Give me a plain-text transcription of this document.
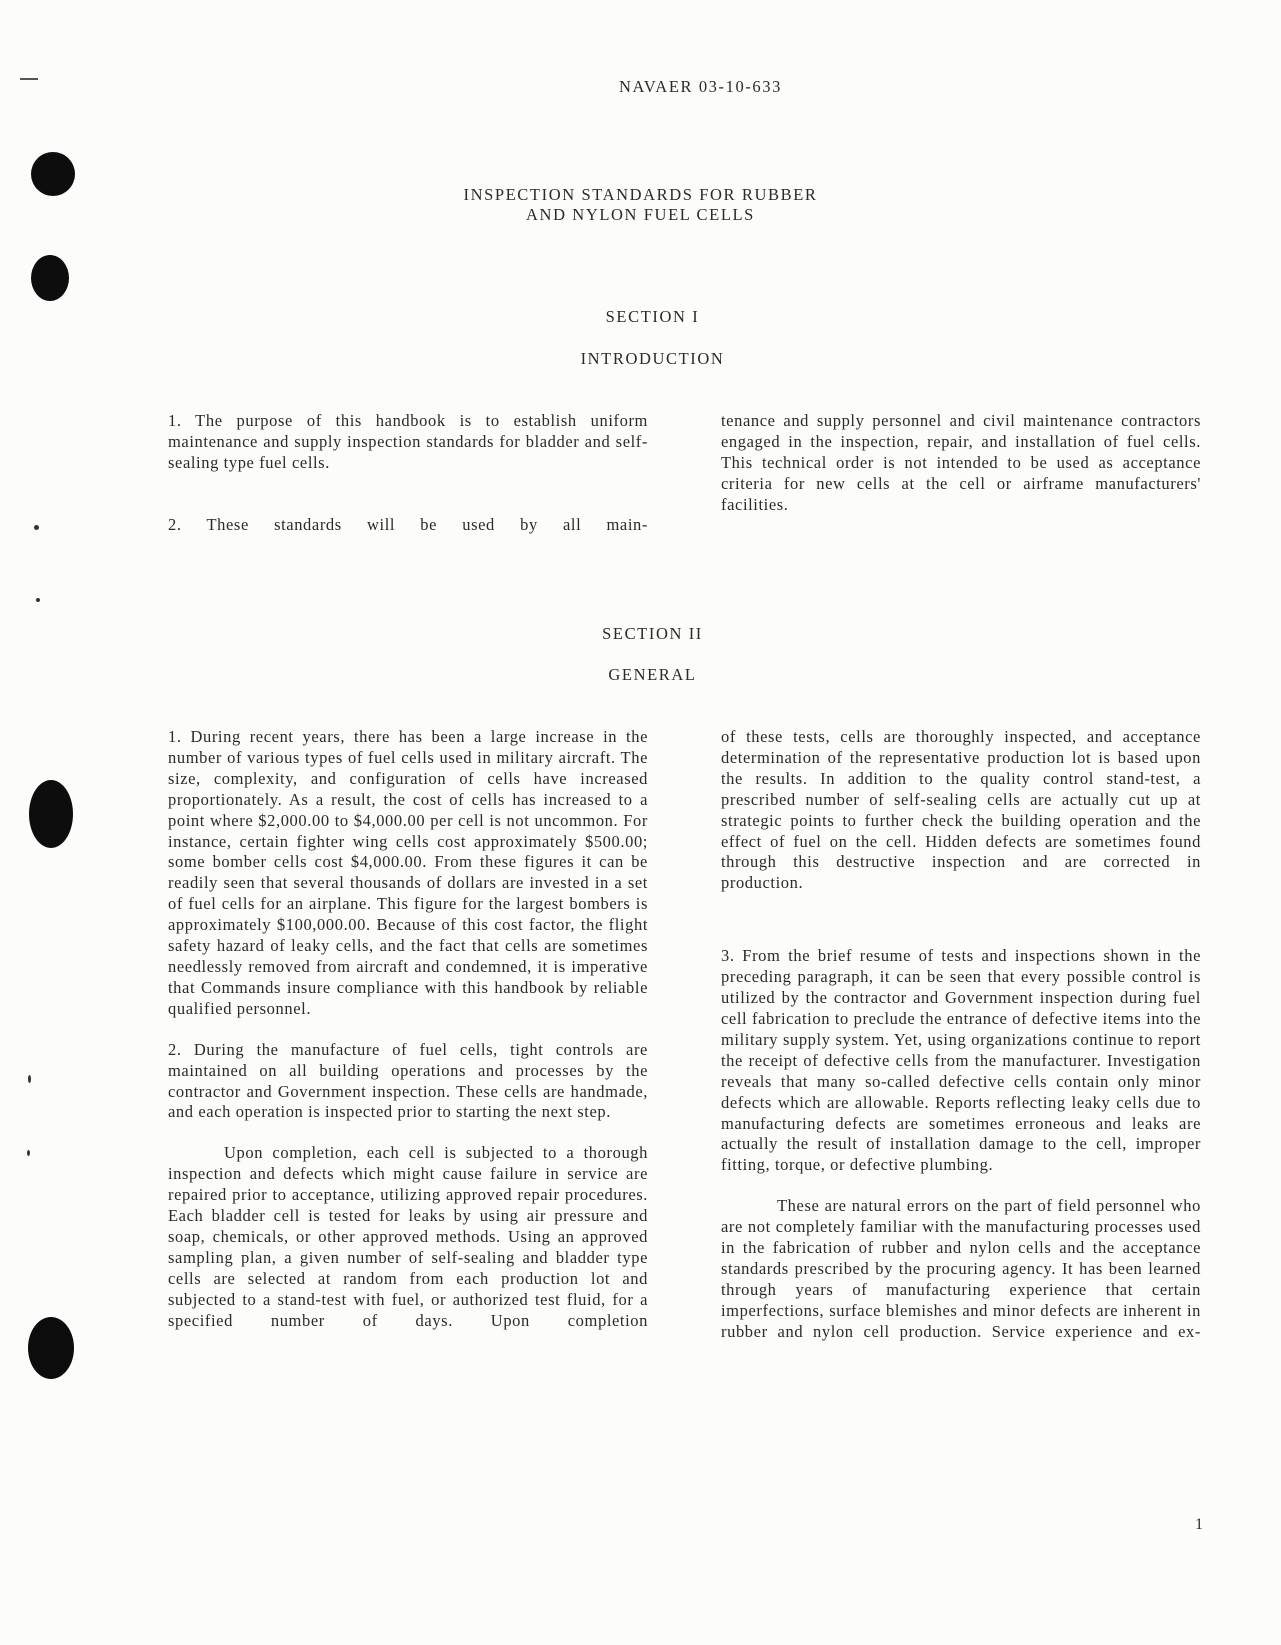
NAVAER 03-10-633
INSPECTION STANDARDS FOR RUBBER
AND NYLON FUEL CELLS
SECTION I
INTRODUCTION

1. The purpose of this handbook is to establish uniform maintenance and supply inspection standards for bladder and self-sealing type fuel cells.

2. These standards will be used by all main-

tenance and supply personnel and civil maintenance contractors engaged in the inspection, repair, and installation of fuel cells. This technical order is not intended to be used as acceptance criteria for new cells at the cell or airframe manufacturers' facilities.

SECTION II
GENERAL

1. During recent years, there has been a large increase in the number of various types of fuel cells used in military aircraft. The size, complexity, and configuration of cells have increased proportionately. As a result, the cost of cells has increased to a point where $2,000.00 to $4,000.00 per cell is not uncommon. For instance, certain fighter wing cells cost approximately $500.00; some bomber cells cost $4,000.00. From these figures it can be readily seen that several thousands of dollars are invested in a set of fuel cells for an airplane. This figure for the largest bombers is approximately $100,000.00. Because of this cost factor, the flight safety hazard of leaky cells, and the fact that cells are sometimes needlessly removed from aircraft and condemned, it is imperative that Commands insure compliance with this handbook by reliable qualified personnel.

2. During the manufacture of fuel cells, tight controls are maintained on all building operations and processes by the contractor and Government inspection. These cells are handmade, and each operation is inspected prior to starting the next step.

Upon completion, each cell is subjected to a thorough inspection and defects which might cause failure in service are repaired prior to acceptance, utilizing approved repair procedures. Each bladder cell is tested for leaks by using air pressure and soap, chemicals, or other approved methods. Using an approved sampling plan, a given number of self-sealing and bladder type cells are selected at random from each production lot and subjected to a stand-test with fuel, or authorized test fluid, for a specified number of days. Upon completion

of these tests, cells are thoroughly inspected, and acceptance determination of the representative production lot is based upon the results. In addition to the quality control stand-test, a prescribed number of self-sealing cells are actually cut up at strategic points to further check the building operation and the effect of fuel on the cell. Hidden defects are sometimes found through this destructive inspection and are corrected in production.

3. From the brief resume of tests and inspections shown in the preceding paragraph, it can be seen that every possible control is utilized by the contractor and Government inspection during fuel cell fabrication to preclude the entrance of defective items into the military supply system. Yet, using organizations continue to report the receipt of defective cells from the manufacturer. Investigation reveals that many so-called defective cells contain only minor defects which are allowable. Reports reflecting leaky cells due to manufacturing defects are sometimes erroneous and leaks are actually the result of installation damage to the cell, improper fitting, torque, or defective plumbing.

These are natural errors on the part of field personnel who are not completely familiar with the manufacturing processes used in the fabrication of rubber and nylon cells and the acceptance standards prescribed by the procuring agency. It has been learned through years of manufacturing experience that certain imperfections, surface blemishes and minor defects are inherent in rubber and nylon cell production. Service experience and ex-

1
